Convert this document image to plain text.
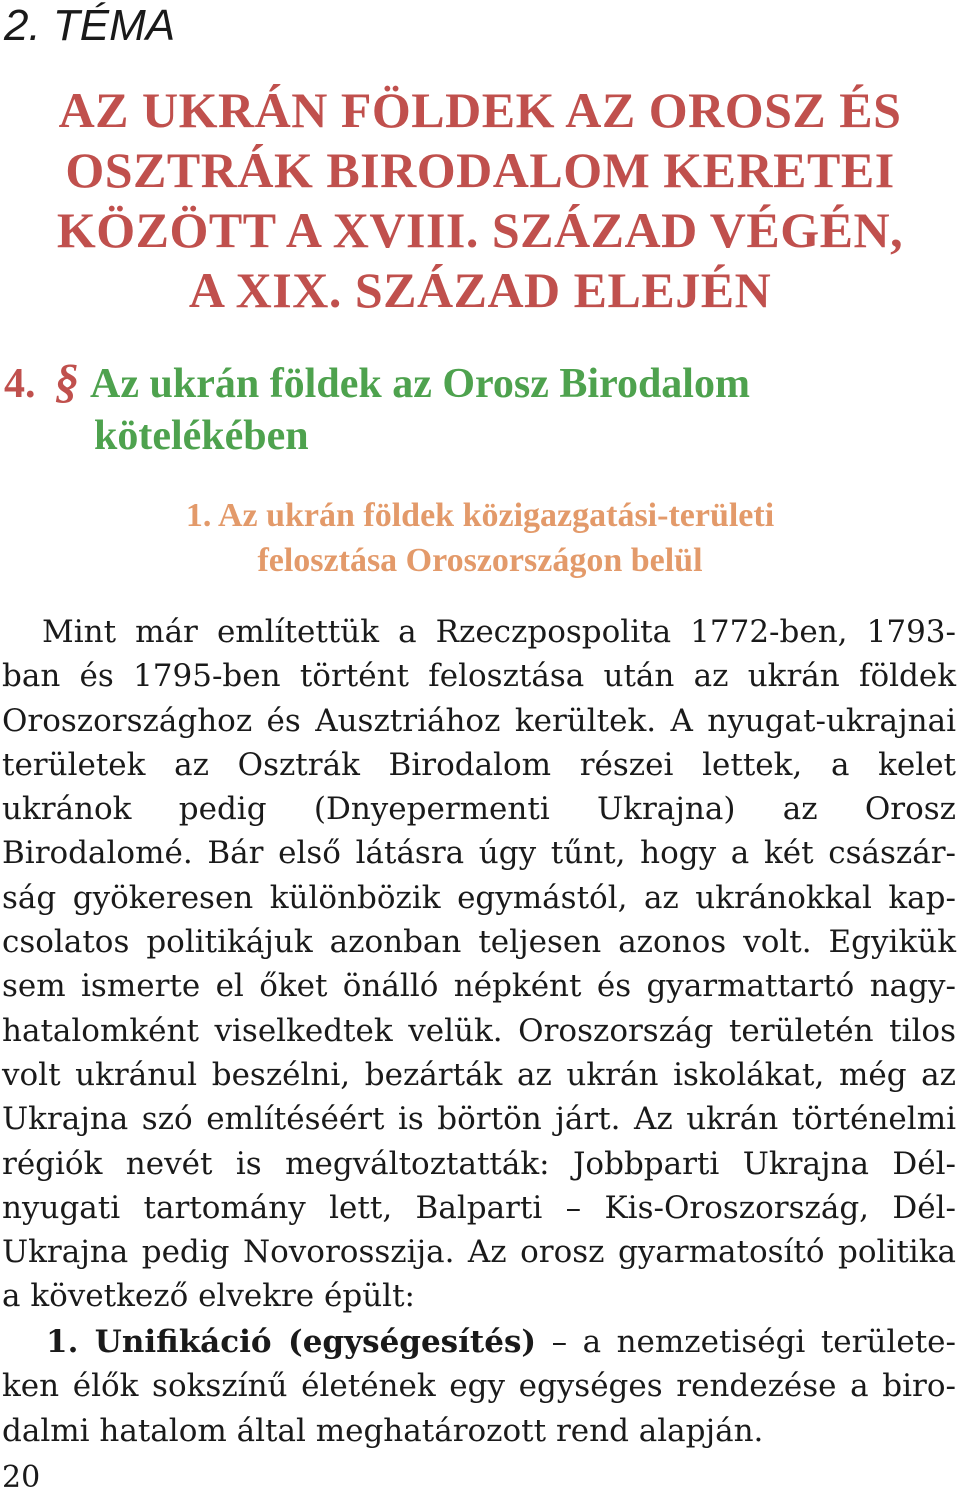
2. TÉMA

AZ UKRÁN FÖLDEK AZ OROSZ ÉS
OSZTRÁK BIRODALOM KERETEI
KÖZÖTT A XVIII. SZÁZAD VÉGÉN,
A XIX. SZÁZAD ELEJÉN
4. § Az ukrán földek az Orosz Birodalom
kötelékében
1. Az ukrán földek közigazgatási-területi
felosztása Oroszországon belül

Mint már említettük a Rzeczpospolita 1772-ben, 1793-ban és 1795-ben történt felosztása után az ukrán földek Oroszországhoz és Ausztriához kerültek. A nyugat-ukrajnai területek az Osztrák Birodalom részei lettek, a kelet ukránok pedig (Dnyepermenti Ukrajna) az Orosz Birodalomé. Bár első látásra úgy tűnt, hogy a két császárság gyökeresen különbözik egymástól, az ukránokkal kapcsolatos politikájuk azonban teljesen azonos volt. Egyikük sem ismerte el őket önálló népként és gyarmattartó nagyhatalomként viselkedtek velük. Oroszország területén tilos volt ukránul beszélni, bezárták az ukrán iskolákat, még az Ukrajna szó említéséért is börtön járt. Az ukrán történelmi régiók nevét is megváltoztatták: Jobbparti Ukrajna Dél-nyugati tartomány lett, Balparti – Kis-Oroszország, Dél-Ukrajna pedig Novorosszija. Az orosz gyarmatosító politika a következő elvekre épült:

1. Unifikáció (egységesítés) – a nemzetiségi területeken élők sokszínű életének egy egységes rendezése a birodalmi hatalom által meghatározott rend alapján.

20
